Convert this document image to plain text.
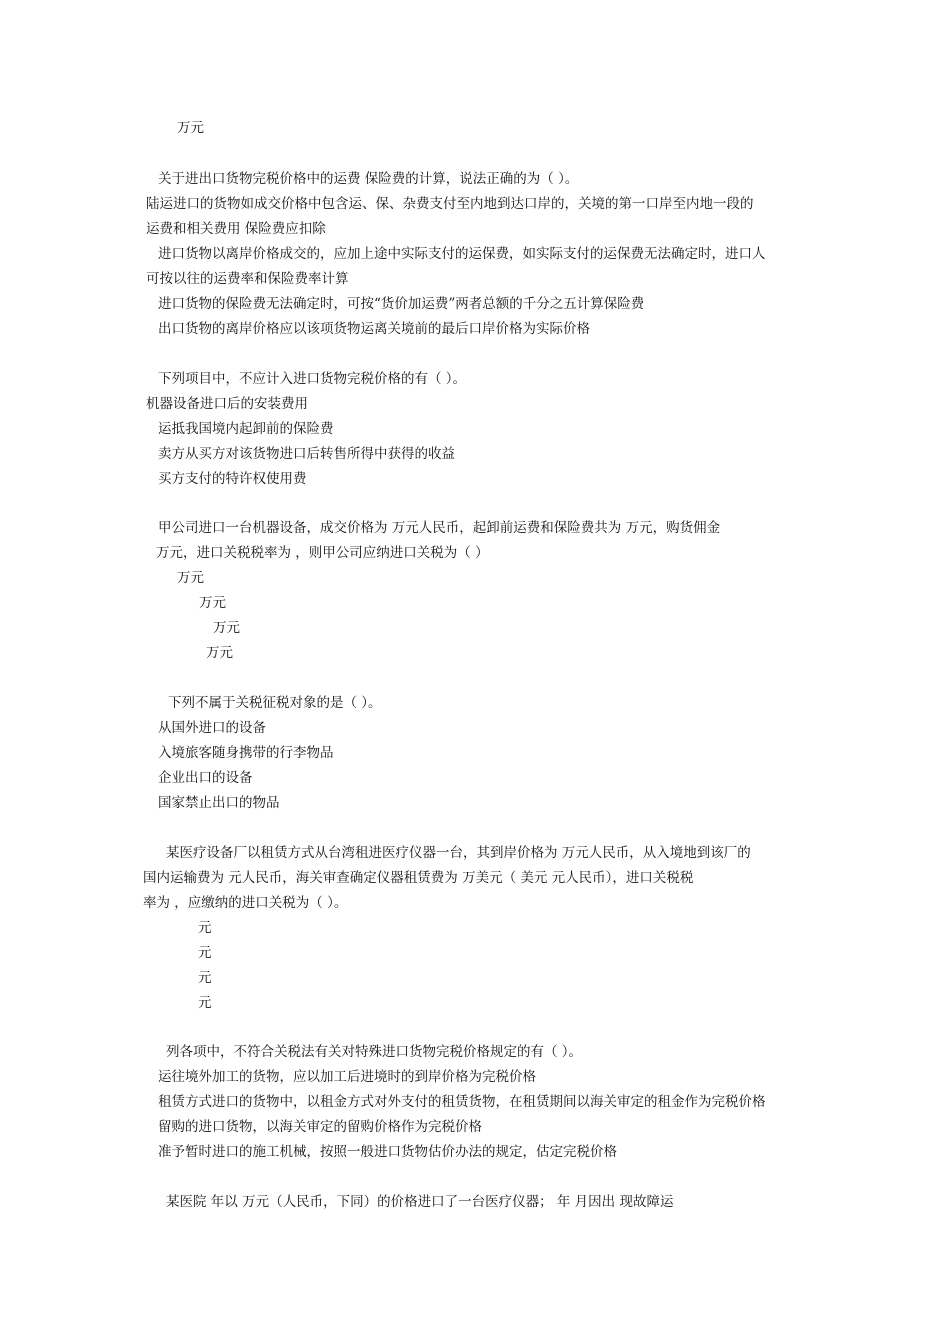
万元
关于进出口货物完税价格中的运费 保险费的计算，说法正确的为（ ）。
陆运进口的货物如成交价格中包含运、保、杂费支付至内地到达口岸的，关境的第一口岸至内地一段的
运费和相关费用 保险费应扣除
进口货物以离岸价格成交的，应加上途中实际支付的运保费，如实际支付的运保费无法确定时，进口人
可按以往的运费率和保险费率计算
进口货物的保险费无法确定时，可按“货价加运费”两者总额的千分之五计算保险费
出口货物的离岸价格应以该项货物运离关境前的最后口岸价格为实际价格
下列项目中，不应计入进口货物完税价格的有（ ）。
机器设备进口后的安装费用
运抵我国境内起卸前的保险费
卖方从买方对该货物进口后转售所得中获得的收益
买方支付的特许权使用费
甲公司进口一台机器设备，成交价格为 万元人民币，起卸前运费和保险费共为 万元，购货佣金
万元，进口关税税率为 ，则甲公司应纳进口关税为（ ）
万元
万元
万元
万元
下列不属于关税征税对象的是（ ）。
从国外进口的设备
入境旅客随身携带的行李物品
企业出口的设备
国家禁止出口的物品
某医疗设备厂以租赁方式从台湾租进医疗仪器一台，其到岸价格为 万元人民币，从入境地到该厂的
国内运输费为 元人民币，海关审查确定仪器租赁费为 万美元（ 美元 元人民币），进口关税税
率为 ，应缴纳的进口关税为（ ）。
元
元
元
元
列各项中，不符合关税法有关对特殊进口货物完税价格规定的有（ ）。
运往境外加工的货物，应以加工后进境时的到岸价格为完税价格
租赁方式进口的货物中，以租金方式对外支付的租赁货物，在租赁期间以海关审定的租金作为完税价格
留购的进口货物，以海关审定的留购价格作为完税价格
准予暂时进口的施工机械，按照一般进口货物估价办法的规定，估定完税价格
某医院 年以 万元（人民币，下同）的价格进口了一台医疗仪器； 年 月因出 现故障运
